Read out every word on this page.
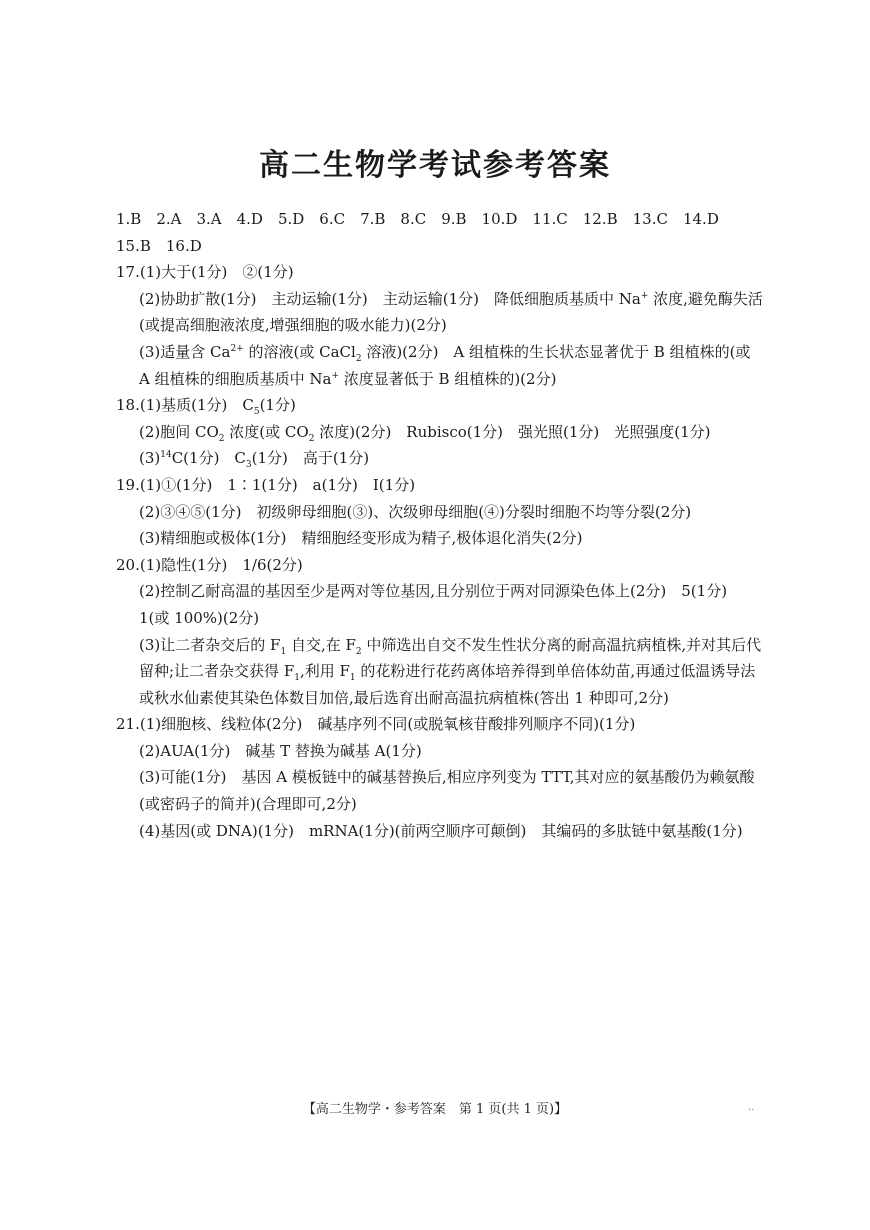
高二生物学考试参考答案
1.B　2.A　3.A　4.D　5.D　6.C　7.B　8.C　9.B　10.D　11.C　12.B　13.C　14.D
15.B　16.D
17.(1)大于(1分)　②(1分)
(2)协助扩散(1分)　主动运输(1分)　主动运输(1分)　降低细胞质基质中 Na+ 浓度,避免酶失活(或提高细胞液浓度,增强细胞的吸水能力)(2分)
(3)适量含 $Ca^{2+}$ 的溶液(或 CaCl$_2$ 溶液)(2分)　A 组植株的生长状态显著优于 B 组植株的(或 A 组植株的细胞质基质中 Na+ 浓度显著低于 B 组植株的)(2分)
18.(1)基质(1分)　$C_5(1$分)
(2)胞间 $CO_2$ 浓度(或 $CO_2$ 浓度)(2分)　Rubisco(1分)　强光照(1分)　光照强度(1分)
$(3)^{14}C(1$分)　$C_3(1$分)　高于(1分)
19.(1)①(1分)　1∶1(1分)　a(1分)　Ⅰ(1分)
(2)③④⑤(1分)　初级卵母细胞(③)、次级卵母细胞(④)分裂时细胞不均等分裂(2分)
(3)精细胞或极体(1分)　精细胞经变形成为精子,极体退化消失(2分)
20.(1)隐性(1分)　1/6(2分)
(2)控制乙耐高温的基因至少是两对等位基因,且分别位于两对同源染色体上(2分)　5(1分)　1(或 100%)(2分)
(3)让二者杂交后的 $F_1$ 自交,在 $F_2$ 中筛选出自交不发生性状分离的耐高温抗病植株,并对其后代留种;让二者杂交获得 $F_1$,利用 $F_1$ 的花粉进行花药离体培养得到单倍体幼苗,再通过低温诱导法或秋水仙素使其染色体数目加倍,最后选育出耐高温抗病植株(答出 1 种即可,2分)
21.(1)细胞核、线粒体(2分)　碱基序列不同(或脱氧核苷酸排列顺序不同)(1分)
(2)AUA(1分)　碱基 T 替换为碱基 A(1分)
(3)可能(1分)　基因 A 模板链中的碱基替换后,相应序列变为 TTT,其对应的氨基酸仍为赖氨酸(或密码子的简并)(合理即可,2分)
(4)基因(或 DNA)(1分)　mRNA(1分)(前两空顺序可颠倒)　其编码的多肽链中氨基酸(1分)
【高二生物学・参考答案　第 1 页(共 1 页)】	..
